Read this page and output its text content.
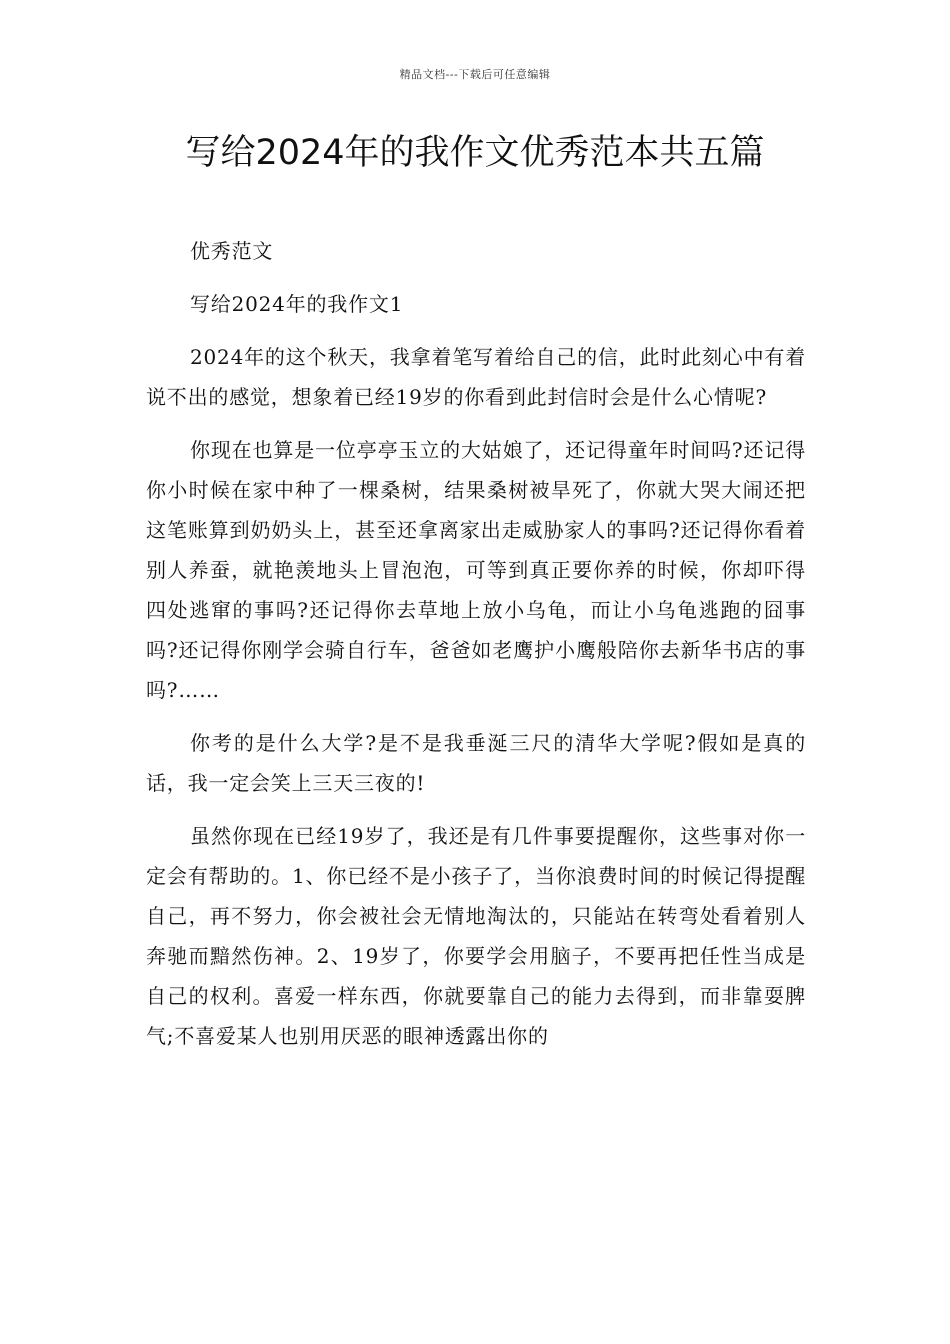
精品文档---下载后可任意编辑
写给2024年的我作文优秀范本共五篇

优秀范文

写给2024年的我作文1

2024年的这个秋天，我拿着笔写着给自己的信，此时此刻心中有着说不出的感觉，想象着已经19岁的你看到此封信时会是什么心情呢?

你现在也算是一位亭亭玉立的大姑娘了，还记得童年时间吗?还记得你小时候在家中种了一棵桑树，结果桑树被旱死了，你就大哭大闹还把这笔账算到奶奶头上，甚至还拿离家出走威胁家人的事吗?还记得你看着别人养蚕，就艳羡地头上冒泡泡，可等到真正要你养的时候，你却吓得四处逃窜的事吗?还记得你去草地上放小乌龟，而让小乌龟逃跑的囧事吗?还记得你刚学会骑自行车，爸爸如老鹰护小鹰般陪你去新华书店的事吗?……

你考的是什么大学?是不是我垂涎三尺的清华大学呢?假如是真的话，我一定会笑上三天三夜的!

虽然你现在已经19岁了，我还是有几件事要提醒你，这些事对你一定会有帮助的。1、你已经不是小孩子了，当你浪费时间的时候记得提醒自己，再不努力，你会被社会无情地淘汰的，只能站在转弯处看着别人奔驰而黯然伤神。2、19岁了，你要学会用脑子，不要再把任性当成是自己的权利。喜爱一样东西，你就要靠自己的能力去得到，而非靠耍脾气;不喜爱某人也别用厌恶的眼神透露出你的
